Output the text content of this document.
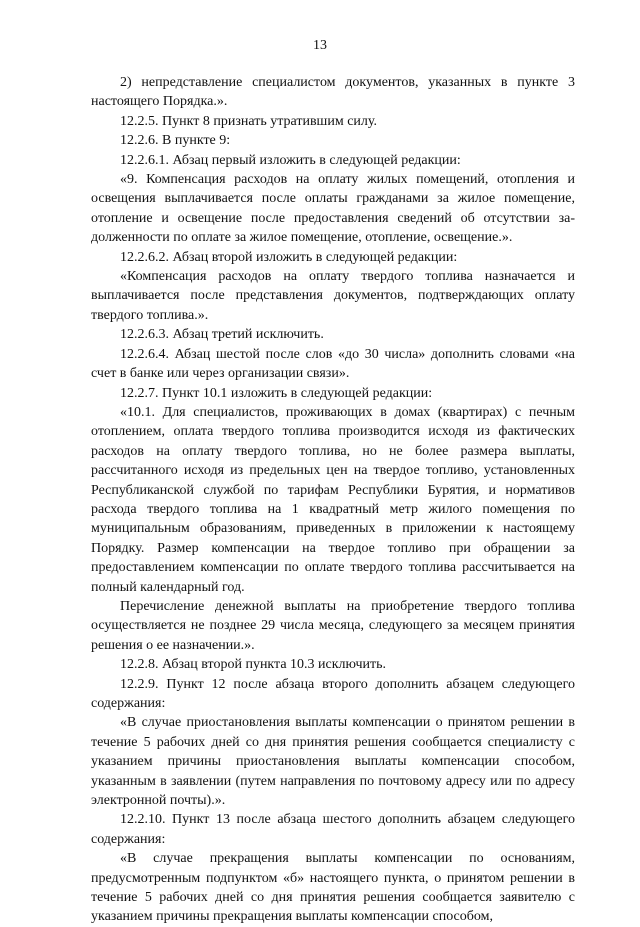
13

2) непредставление специалистом документов, указанных в пункте 3 настоящего Порядка.».

12.2.5. Пункт 8 признать утратившим силу.

12.2.6. В пункте 9:

12.2.6.1. Абзац первый изложить в следующей редакции:

«9. Компенсация расходов на оплату жилых помещений, отопления и освещения выплачивается после оплаты гражданами за жилое помещение, отопление и освещение после предоставления сведений об отсутствии задолженности по оплате за жилое помещение, отопление, освещение.».

12.2.6.2. Абзац второй изложить в следующей редакции:

«Компенсация расходов на оплату твердого топлива назначается и выплачивается после представления документов, подтверждающих оплату твердого топлива.».

12.2.6.3. Абзац третий исключить.

12.2.6.4. Абзац шестой после слов «до 30 числа» дополнить словами «на счет в банке или через организации связи».

12.2.7. Пункт 10.1 изложить в следующей редакции:

«10.1. Для специалистов, проживающих в домах (квартирах) с печным отоплением, оплата твердого топлива производится исходя из фактических расходов на оплату твердого топлива, но не более размера выплаты, рассчитанного исходя из предельных цен на твердое топливо, установленных Республиканской службой по тарифам Республики Бурятия, и нормативов расхода твердого топлива на 1 квадратный метр жилого помещения по муниципальным образованиям, приведенных в приложении к настоящему Порядку. Размер компенсации на твердое топливо при обращении за предоставлением компенсации по оплате твердого топлива рассчитывается на полный календарный год.

Перечисление денежной выплаты на приобретение твердого топлива осуществляется не позднее 29 числа месяца, следующего за месяцем принятия решения о ее назначении.».

12.2.8. Абзац второй пункта 10.3 исключить.

12.2.9. Пункт 12 после абзаца второго дополнить абзацем следующего содержания:

«В случае приостановления выплаты компенсации о принятом решении в течение 5 рабочих дней со дня принятия решения сообщается специалисту с указанием причины приостановления выплаты компенсации способом, указанным в заявлении (путем направления по почтовому адресу или по адресу электронной почты).».

12.2.10. Пункт 13 после абзаца шестого дополнить абзацем следующего содержания:

«В случае прекращения выплаты компенсации по основаниям, предусмотренным подпунктом «б» настоящего пункта, о принятом решении в течение 5 рабочих дней со дня принятия решения сообщается заявителю с указанием причины прекращения выплаты компенсации способом,
